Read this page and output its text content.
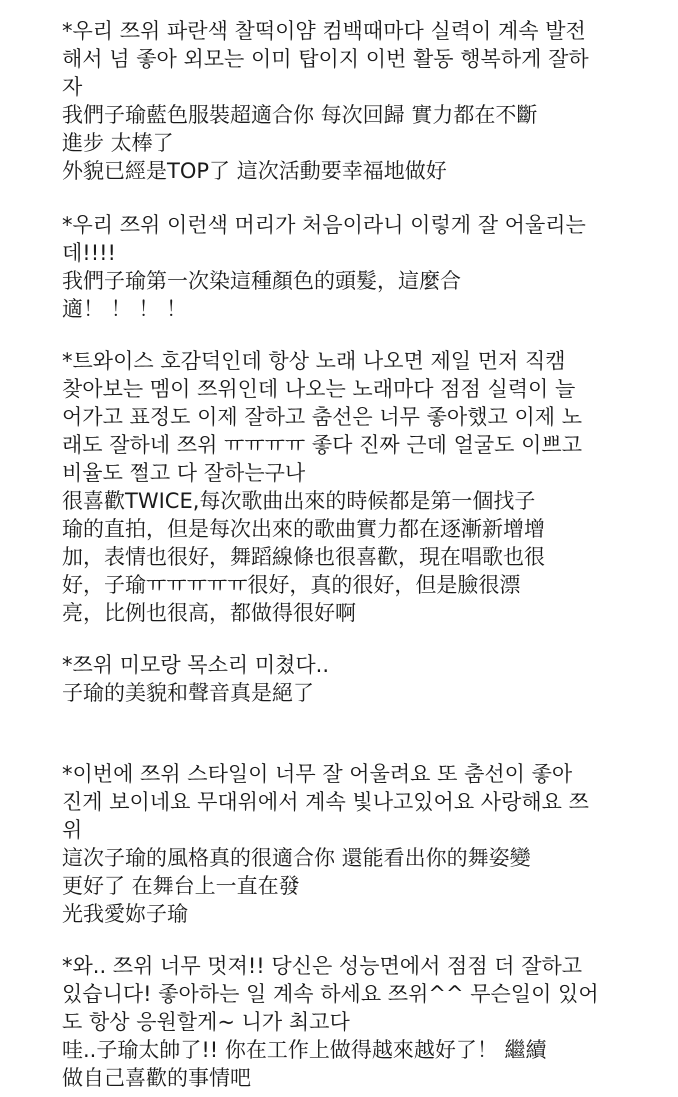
*우리 쯔위 파란색 찰떡이얌 컴백때마다 실력이 계속 발전

해서 넘 좋아 외모는 이미 탑이지 이번 활동 행복하게 잘하

자

我們子瑜藍色服裝超適合你 每次回歸 實力都在不斷

進步 太棒了

外貌已經是TOP了 這次活動要幸福地做好

*우리 쯔위 이런색 머리가 처음이라니 이렇게 잘 어울리는

데!!!!

我們子瑜第一次染這種顏色的頭髮，這麼合

適！ ！ ！ ！

*트와이스 호감덕인데 항상 노래 나오면 제일 먼저 직캠

찾아보는 멤이 쯔위인데 나오는 노래마다 점점 실력이 늘

어가고 표정도 이제 잘하고 춤선은 너무 좋아했고 이제 노

래도 잘하네 쯔위 ㅠㅠㅠㅠ 좋다 진짜 근데 얼굴도 이쁘고

비율도 쩔고 다 잘하는구나

很喜歡TWICE,每次歌曲出來的時候都是第一個找子

瑜的直拍，但是每次出來的歌曲實力都在逐漸新增增

加，表情也很好，舞蹈線條也很喜歡，現在唱歌也很

好，子瑜ㅠㅠㅠㅠㅠ很好，真的很好，但是臉很漂

亮，比例也很高，都做得很好啊

*쯔위 미모랑 목소리 미쳤다..

子瑜的美貌和聲音真是絕了

*이번에 쯔위 스타일이 너무 잘 어울려요 또 춤선이 좋아

진게 보이네요 무대위에서 계속 빛나고있어요 사랑해요 쯔

위

這次子瑜的風格真的很適合你 還能看出你的舞姿變

更好了 在舞台上一直在發

光我愛妳子瑜

*와.. 쯔위 너무 멋져!! 당신은 성능면에서 점점 더 잘하고

있습니다! 좋아하는 일 계속 하세요 쯔위^^ 무슨일이 있어

도 항상 응원할게~ 니가 최고다

哇..子瑜太帥了!! 你在工作上做得越來越好了！ 繼續

做自己喜歡的事情吧
